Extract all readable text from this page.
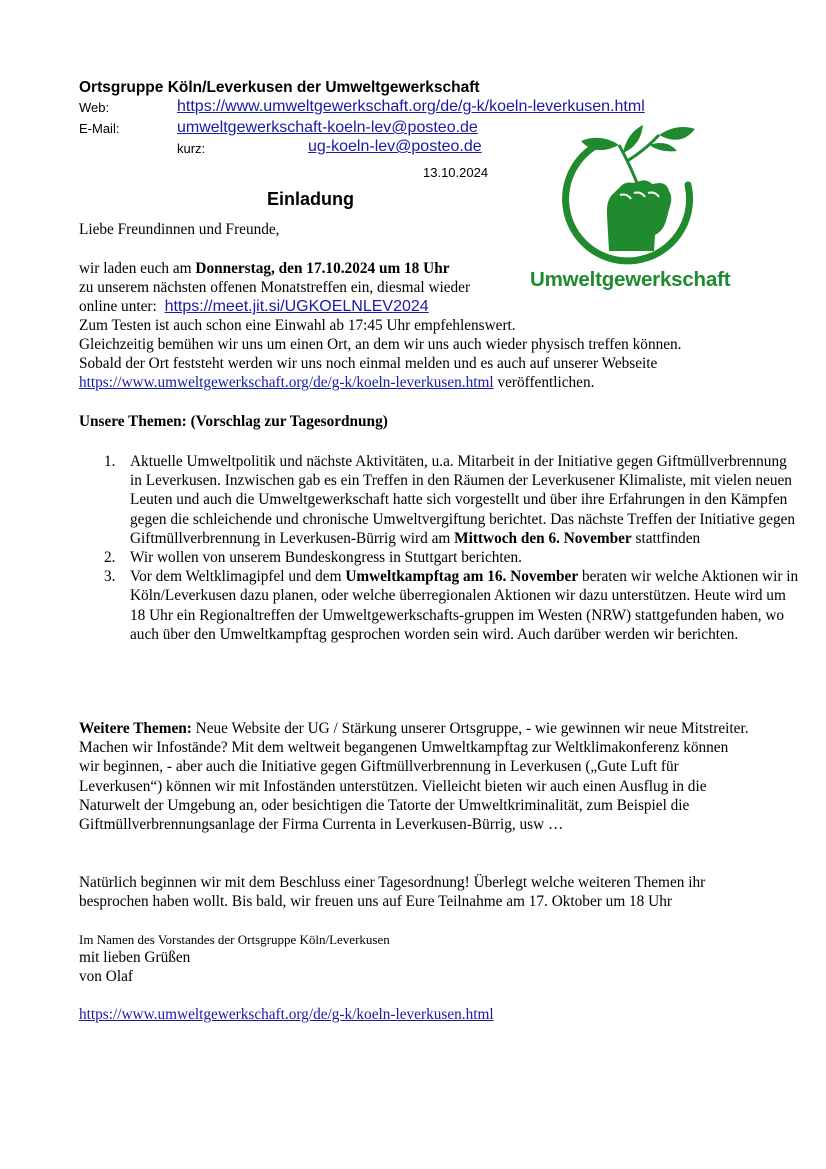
Ortsgruppe Köln/Leverkusen der Umweltgewerkschaft
Web:	https://www.umweltgewerkschaft.org/de/g-k/koeln-leverkusen.html
E-Mail:	umweltgewerkschaft-koeln-lev@posteo.de
kurz:	ug-koeln-lev@posteo.de
13.10.2024
Umweltgewerkschaft
Einladung
Liebe Freundinnen und Freunde,
wir laden euch am Donnerstag, den 17.10.2024 um 18 Uhr
zu unserem nächsten offenen Monatstreffen ein, diesmal wieder
online unter: https://meet.jit.si/UGKOELNLEV2024
Zum Testen ist auch schon eine Einwahl ab 17:45 Uhr empfehlenswert.
Gleichzeitig bemühen wir uns um einen Ort, an dem wir uns auch wieder physisch treffen können.
Sobald der Ort feststeht werden wir uns noch einmal melden und es auch auf unserer Webseite
https://www.umweltgewerkschaft.org/de/g-k/koeln-leverkusen.html veröffentlichen.
Unsere Themen: (Vorschlag zur Tagesordnung)
1. Aktuelle Umweltpolitik und nächste Aktivitäten, u.a. Mitarbeit in der Initiative gegen Giftmüllverbrennung in Leverkusen. Inzwischen gab es ein Treffen in den Räumen der Leverkusener Klimaliste, mit vielen neuen Leuten und auch die Umweltgewerkschaft hatte sich vorgestellt und über ihre Erfahrungen in den Kämpfen gegen die schleichende und chronische Umweltvergiftung berichtet. Das nächste Treffen der Initiative gegen Giftmüllverbrennung in Leverkusen-Bürrig wird am Mittwoch den 6. November stattfinden
2. Wir wollen von unserem Bundeskongress in Stuttgart berichten.
3. Vor dem Weltklimagipfel und dem Umweltkampftag am 16. November beraten wir welche Aktionen wir in Köln/Leverkusen dazu planen, oder welche überregionalen Aktionen wir dazu unterstützen. Heute wird um 18 Uhr ein Regionaltreffen der Umweltgewerkschafts-gruppen im Westen (NRW) stattgefunden haben, wo auch über den Umweltkampftag gesprochen worden sein wird. Auch darüber werden wir berichten.
Weitere Themen: Neue Website der UG / Stärkung unserer Ortsgruppe, - wie gewinnen wir neue Mitstreiter. Machen wir Infostände? Mit dem weltweit begangenen Umweltkampftag zur Weltklimakonferenz können wir beginnen, - aber auch die Initiative gegen Giftmüllverbrennung in Leverkusen („Gute Luft für Leverkusen“) können wir mit Infoständen unterstützen. Vielleicht bieten wir auch einen Ausflug in die Naturwelt der Umgebung an, oder besichtigen die Tatorte der Umweltkriminalität, zum Beispiel die Giftmüllverbrennungsanlage der Firma Currenta in Leverkusen-Bürrig, usw …
Natürlich beginnen wir mit dem Beschluss einer Tagesordnung! Überlegt welche weiteren Themen ihr besprochen haben wollt. Bis bald, wir freuen uns auf Eure Teilnahme am 17. Oktober um 18 Uhr
Im Namen des Vorstandes der Ortsgruppe Köln/Leverkusen
mit lieben Grüßen
von Olaf
https://www.umweltgewerkschaft.org/de/g-k/koeln-leverkusen.html
